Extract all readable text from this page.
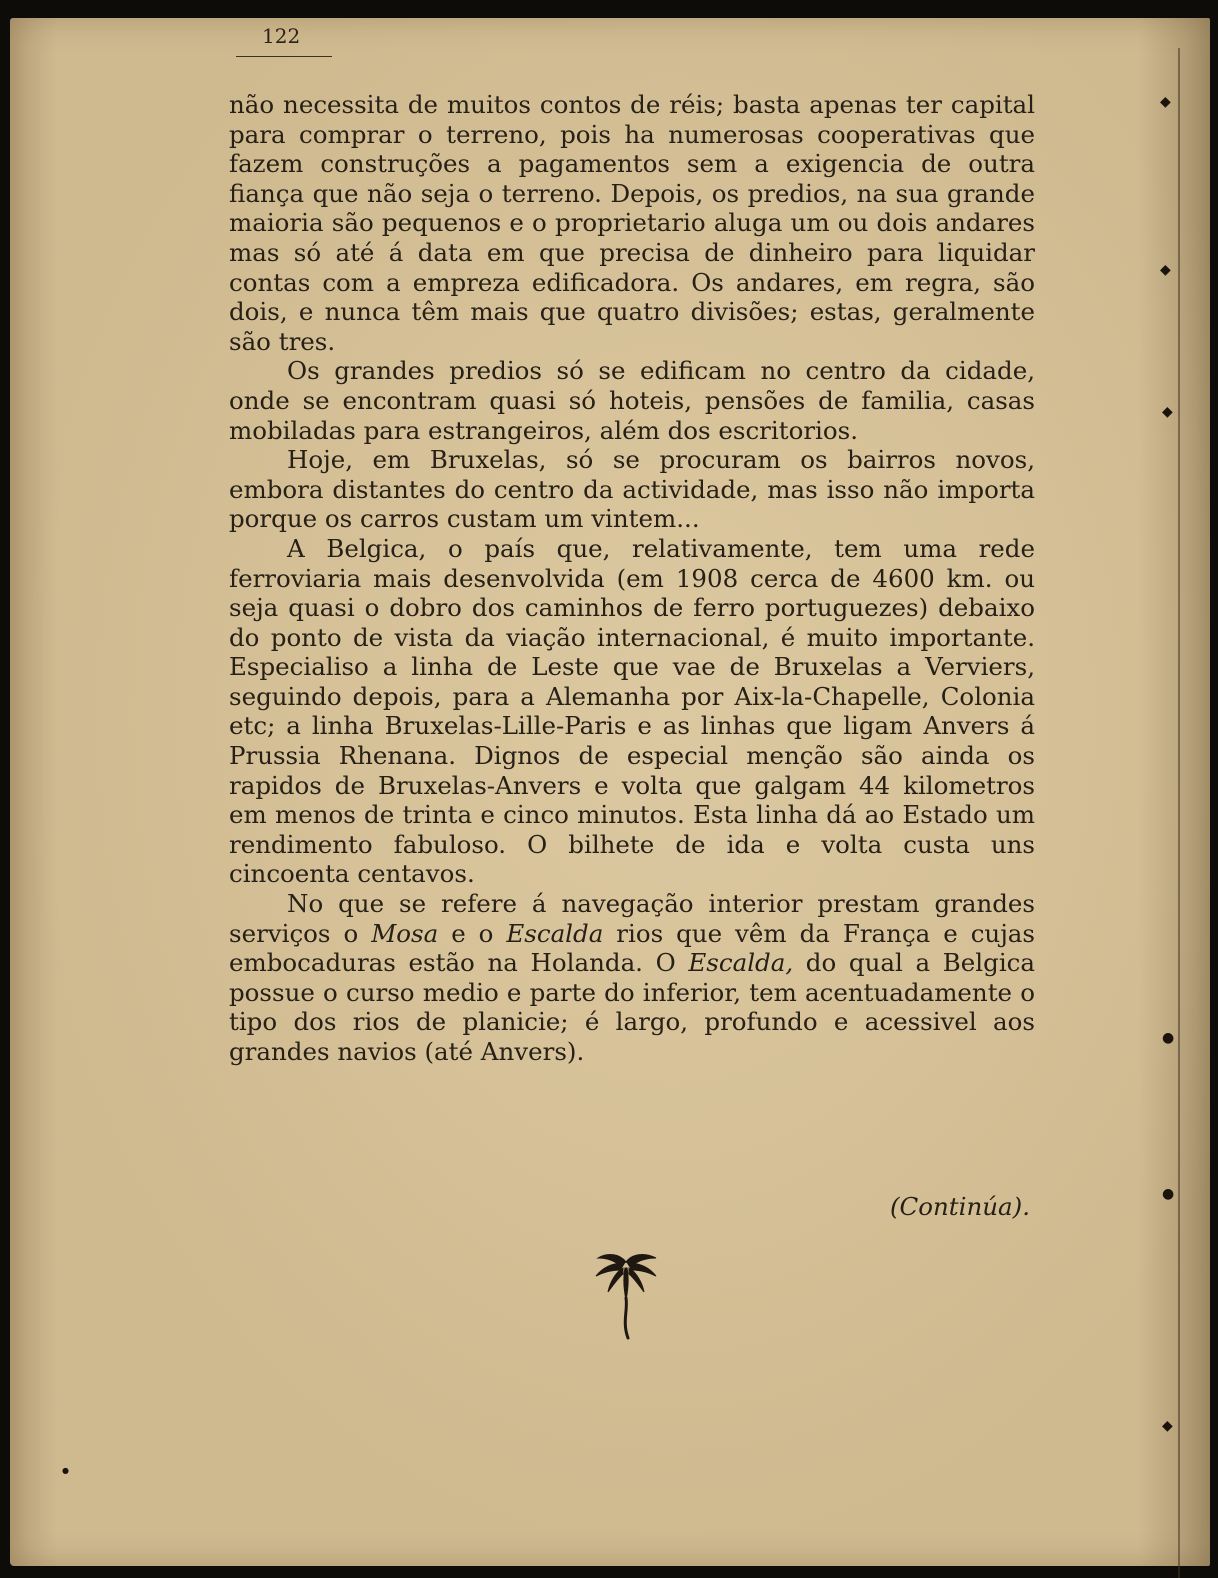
122

não necessita de muitos contos de réis; basta apenas ter capital para comprar o terreno, pois ha numerosas cooperativas que fazem construções a pagamentos sem a exigencia de outra fiança que não seja o terreno. Depois, os predios, na sua grande maioria são pequenos e o proprietario aluga um ou dois andares mas só até á data em que precisa de dinheiro para liquidar contas com a empreza edificadora. Os andares, em regra, são dois, e nunca têm mais que quatro divisões; estas, geralmente são tres.

Os grandes predios só se edificam no centro da cidade, onde se encontram quasi só hoteis, pensões de familia, casas mobiladas para estrangeiros, além dos escritorios.

Hoje, em Bruxelas, só se procuram os bairros novos, embora distantes do centro da actividade, mas isso não importa porque os carros custam um vintem...

A Belgica, o país que, relativamente, tem uma rede ferroviaria mais desenvolvida (em 1908 cerca de 4600 km. ou seja quasi o dobro dos caminhos de ferro portuguezes) debaixo do ponto de vista da viação internacional, é muito importante. Especialiso a linha de Leste que vae de Bruxelas a Verviers, seguindo depois, para a Alemanha por Aix-la-Chapelle, Colonia etc; a linha Bruxelas-Lille-Paris e as linhas que ligam Anvers á Prussia Rhenana. Dignos de especial menção são ainda os rapidos de Bruxelas-Anvers e volta que galgam 44 kilometros em menos de trinta e cinco minutos. Esta linha dá ao Estado um rendimento fabuloso. O bilhete de ida e volta custa uns cincoenta centavos.

No que se refere á navegação interior prestam grandes serviços o Mosa e o Escalda rios que vêm da França e cujas embocaduras estão na Holanda. O Escalda, do qual a Belgica possue o curso medio e parte do inferior, tem acentuadamente o tipo dos rios de planicie; é largo, profundo e acessivel aos grandes navios (até Anvers).

(Continúa).
◆
◆
◆
●
●
◆
●
